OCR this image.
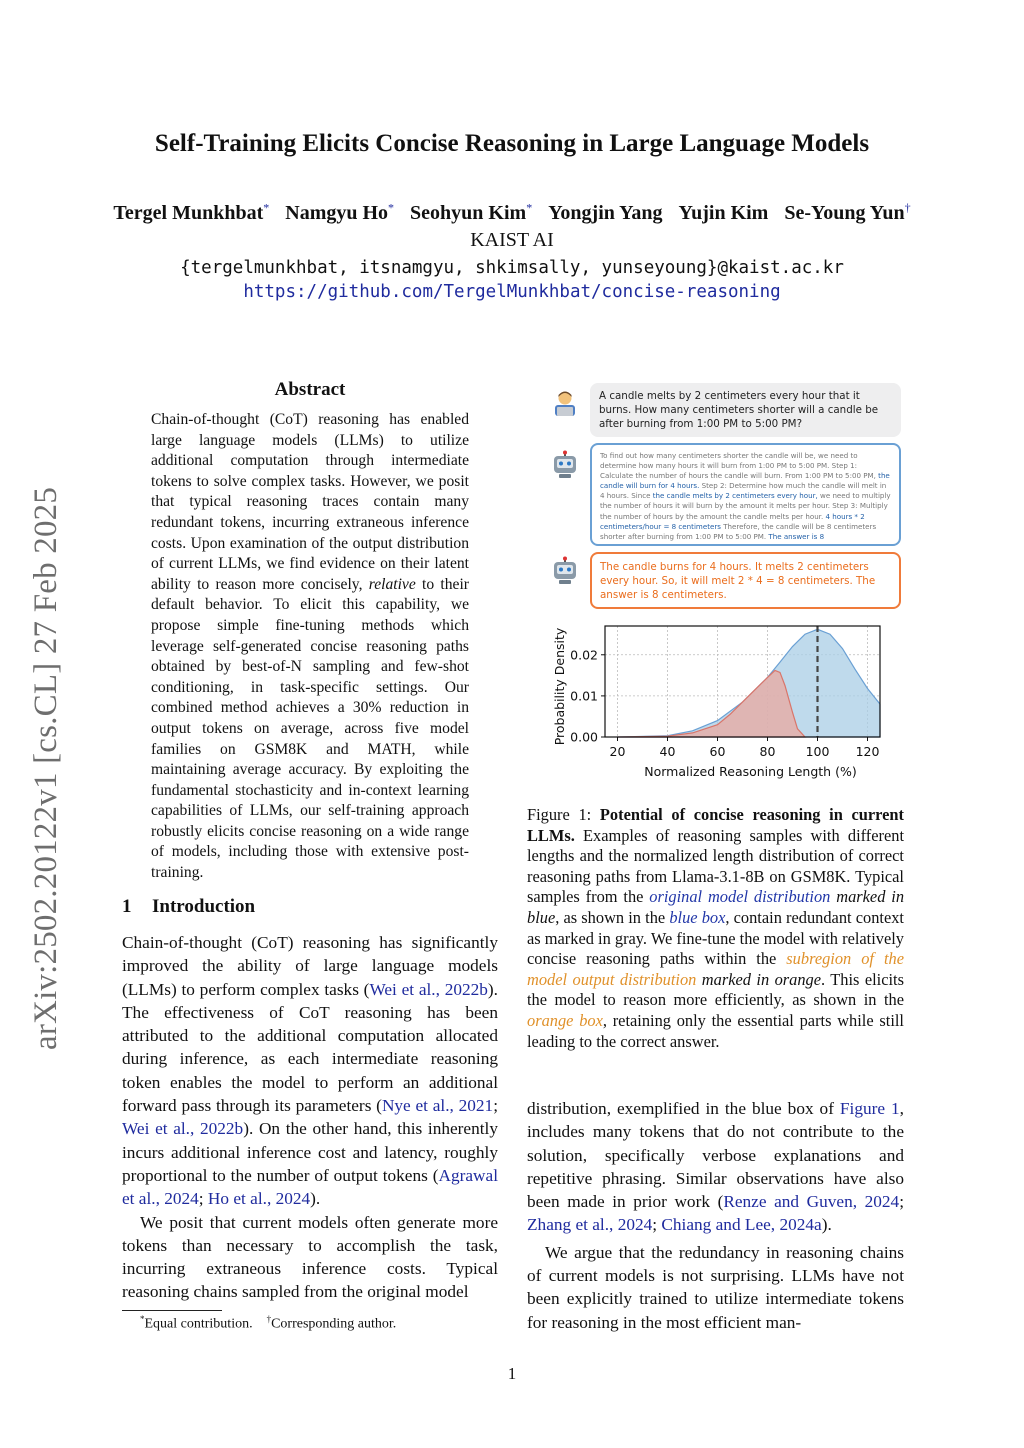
arXiv:2502.20122v1 [cs.CL] 27 Feb 2025
Self-Training Elicits Concise Reasoning in Large Language Models
Tergel Munkhbat* Namgyu Ho* Seohyun Kim* Yongjin Yang Yujin Kim Se-Young Yun†
KAIST AI
{tergelmunkhbat, itsnamgyu, shkimsally, yunseyoung}@kaist.ac.kr
https://github.com/TergelMunkhbat/concise-reasoning
Abstract
Chain-of-thought (CoT) reasoning has enabled large language models (LLMs) to utilize additional computation through intermediate tokens to solve complex tasks. However, we posit that typical reasoning traces contain many redundant tokens, incurring extraneous inference costs. Upon examination of the output distribution of current LLMs, we find evidence on their latent ability to reason more concisely, relative to their default behavior. To elicit this capability, we propose simple fine-tuning methods which leverage self-generated concise reasoning paths obtained by best-of-N sampling and few-shot conditioning, in task-specific settings. Our combined method achieves a 30% reduction in output tokens on average, across five model families on GSM8K and MATH, while maintaining average accuracy. By exploiting the fundamental stochasticity and in-context learning capabilities of LLMs, our self-training approach robustly elicits concise reasoning on a wide range of models, including those with extensive post-training.
1 Introduction

Chain-of-thought (CoT) reasoning has significantly improved the ability of large language models (LLMs) to perform complex tasks (Wei et al., 2022b). The effectiveness of CoT reasoning has been attributed to the additional computation allocated during inference, as each intermediate reasoning token enables the model to perform an additional forward pass through its parameters (Nye et al., 2021; Wei et al., 2022b). On the other hand, this inherently incurs additional inference cost and latency, roughly proportional to the number of output tokens (Agrawal et al., 2024; Ho et al., 2024).

We posit that current models often generate more tokens than necessary to accomplish the task, incurring extraneous inference costs. Typical reasoning chains sampled from the original model

*Equal contribution. †Corresponding author.
A candle melts by 2 centimeters every hour that it burns. How many centimeters shorter will a candle be after burning from 1:00 PM to 5:00 PM?
To find out how many centimeters shorter the candle will be, we need to determine how many hours it will burn from 1:00 PM to 5:00 PM. Step 1: Calculate the number of hours the candle will burn. From 1:00 PM to 5:00 PM, the candle will burn for 4 hours. Step 2: Determine how much the candle will melt in 4 hours. Since the candle melts by 2 centimeters every hour, we need to multiply the number of hours it will burn by the amount it melts per hour. Step 3: Multiply the number of hours by the amount the candle melts per hour. 4 hours * 2 centimeters/hour = 8 centimeters Therefore, the candle will be 8 centimeters shorter after burning from 1:00 PM to 5:00 PM. The answer is 8
The candle burns for 4 hours. It melts 2 centimeters every hour. So, it will melt 2 * 4 = 8 centimeters. The answer is 8 centimeters.
20	40	60	80 100 120
0.00
0.01
0.02
Normalized Reasoning Length (%)
Probability Density
Figure 1: Potential of concise reasoning in current LLMs. Examples of reasoning samples with different lengths and the normalized length distribution of correct reasoning paths from Llama-3.1-8B on GSM8K. Typical samples from the original model distribution marked in blue, as shown in the blue box, contain redundant context as marked in gray. We fine-tune the model with relatively concise reasoning paths within the subregion of the model output distribution marked in orange. This elicits the model to reason more efficiently, as shown in the orange box, retaining only the essential parts while still leading to the correct answer.

distribution, exemplified in the blue box of Figure 1, includes many tokens that do not contribute to the solution, specifically verbose explanations and repetitive phrasing. Similar observations have also been made in prior work (Renze and Guven, 2024; Zhang et al., 2024; Chiang and Lee, 2024a).

We argue that the redundancy in reasoning chains of current models is not surprising. LLMs have not been explicitly trained to utilize intermediate tokens for reasoning in the most efficient man-

1
